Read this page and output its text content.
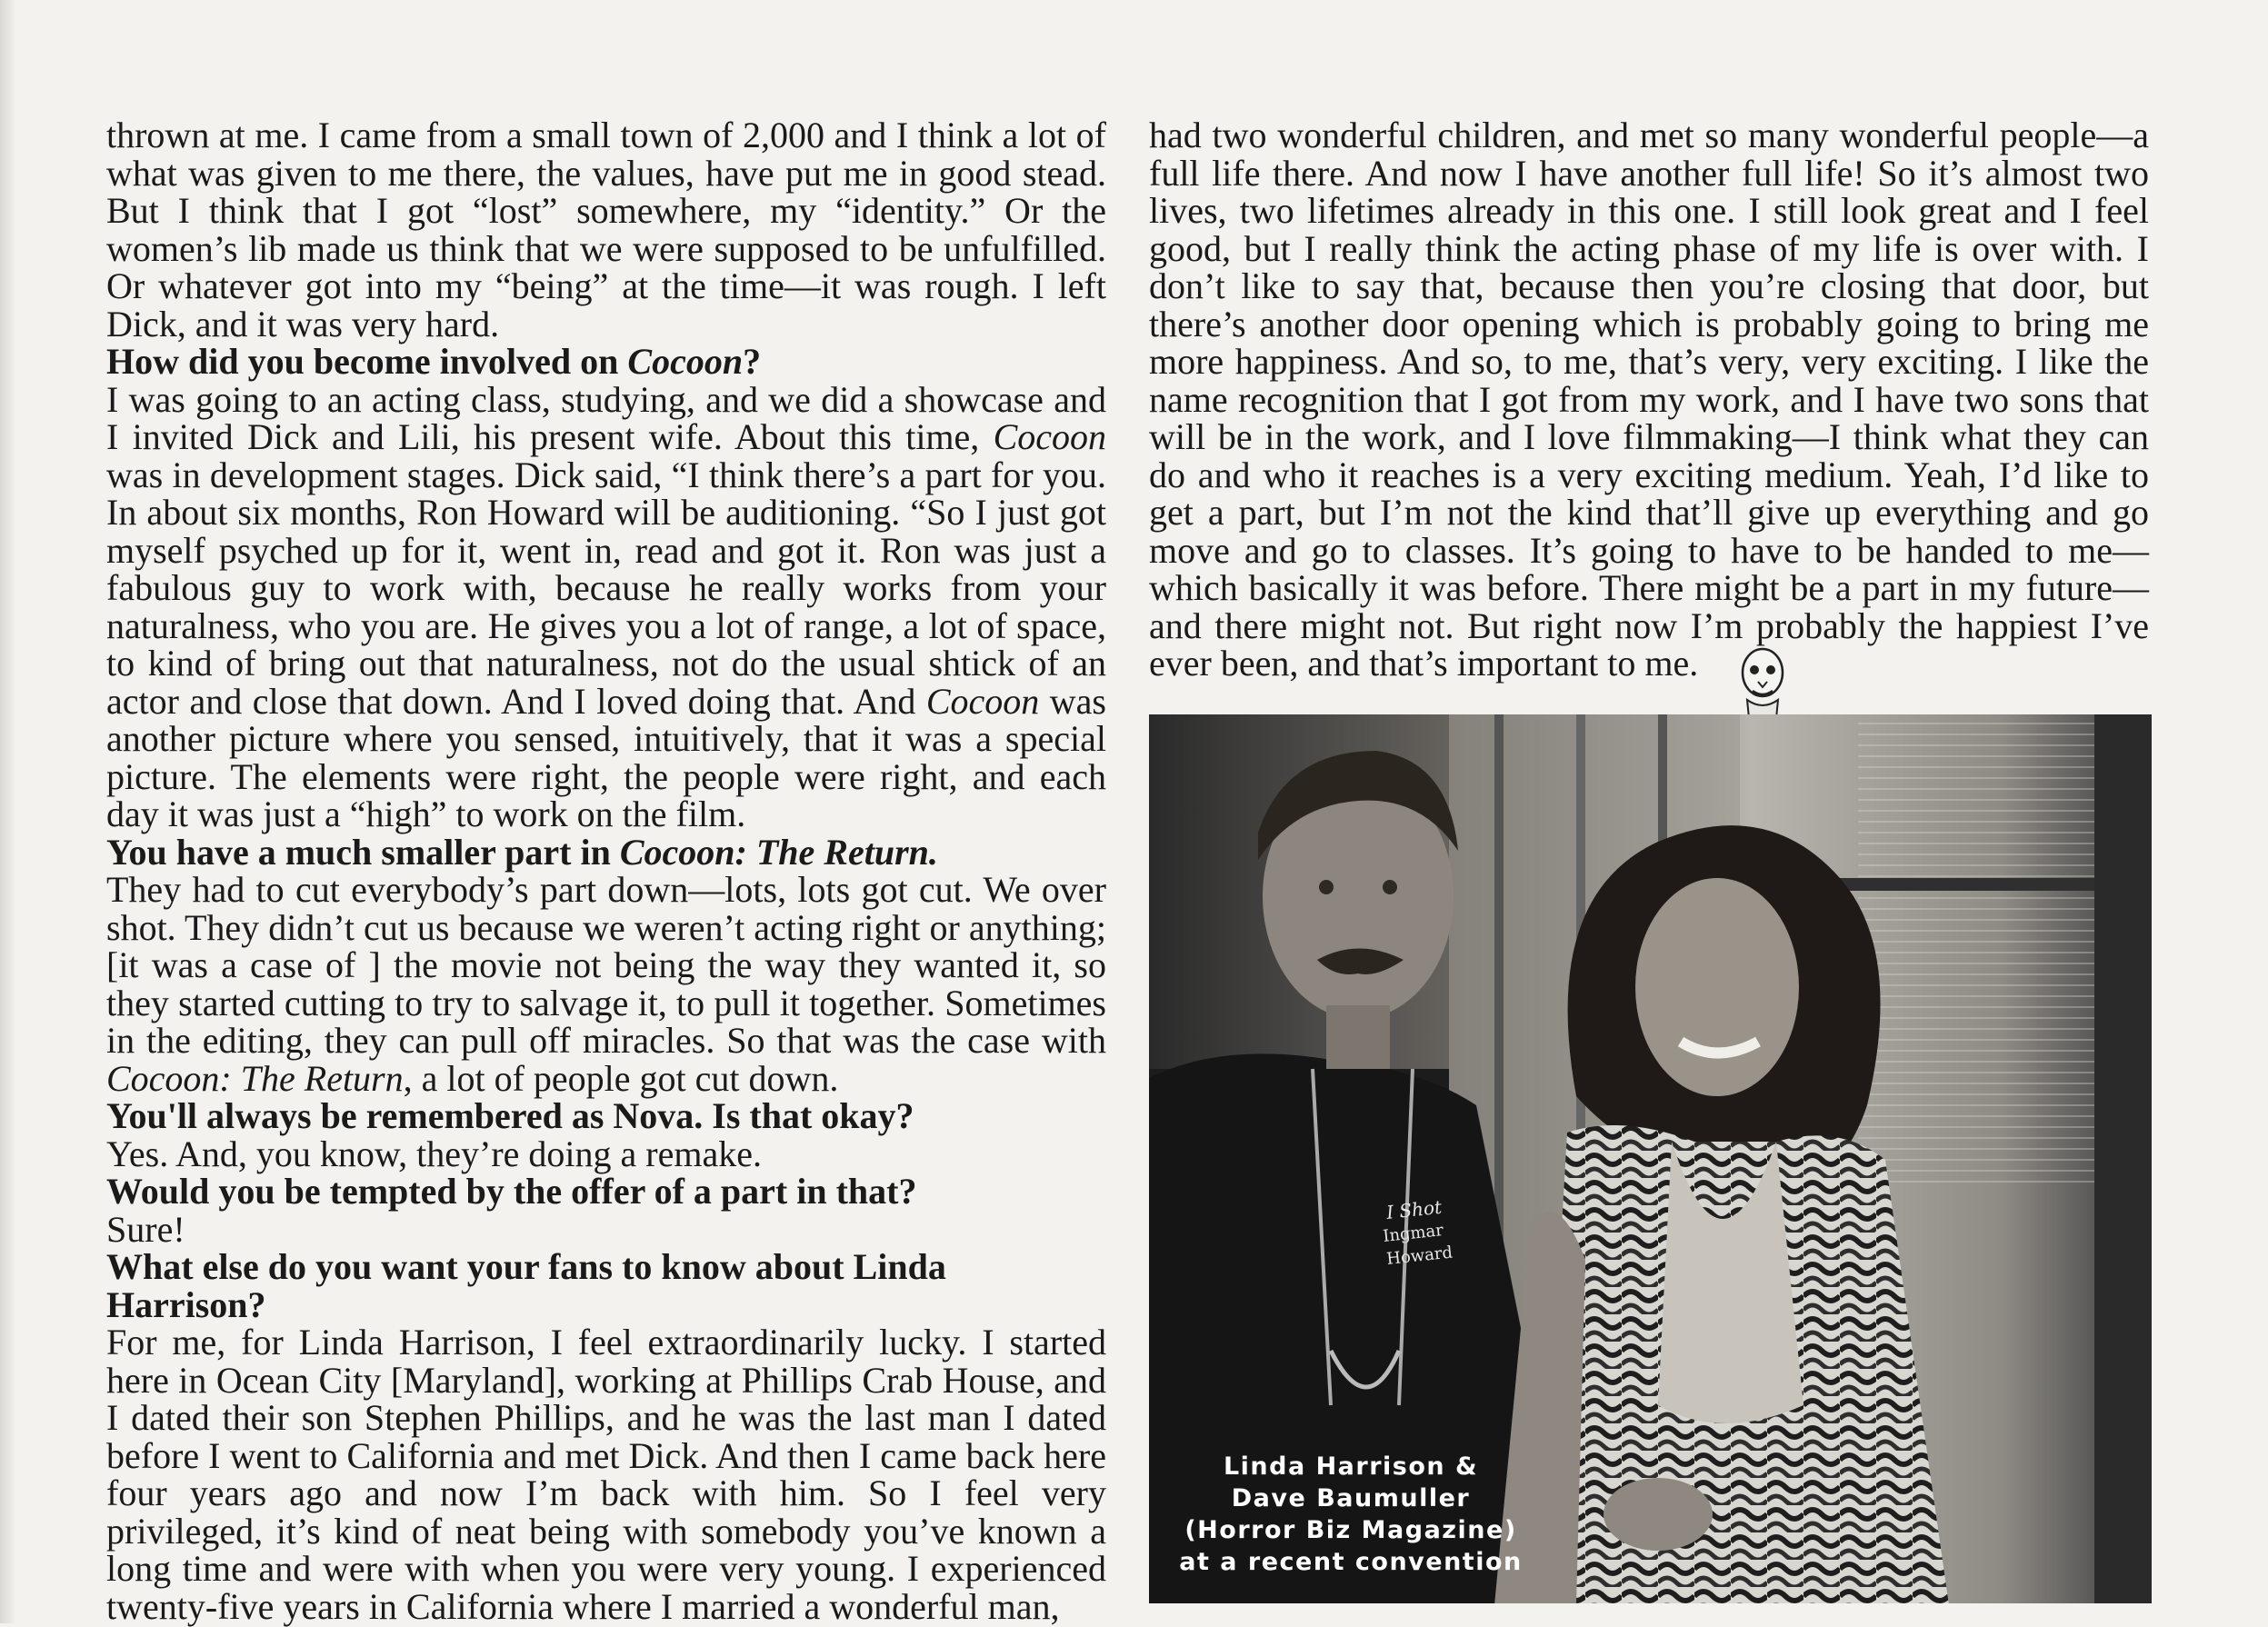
thrown at me. I came from a small town of 2,000 and I think a lot of what was given to me there, the values, have put me in good stead. But I think that I got “lost” somewhere, my “identity.” Or the women’s lib made us think that we were supposed to be unfulfilled. Or whatever got into my “being” at the time—it was rough. I left Dick, and it was very hard.

How did you become involved on Cocoon?

I was going to an acting class, studying, and we did a showcase and I invited Dick and Lili, his present wife. About this time, Cocoon was in development stages. Dick said, “I think there’s a part for you. In about six months, Ron Howard will be auditioning. “So I just got myself psyched up for it, went in, read and got it. Ron was just a fabulous guy to work with, because he really works from your naturalness, who you are. He gives you a lot of range, a lot of space, to kind of bring out that naturalness, not do the usual shtick of an actor and close that down. And I loved doing that. And Cocoon was another picture where you sensed, intuitively, that it was a special picture. The elements were right, the people were right, and each day it was just a “high” to work on the film.

You have a much smaller part in Cocoon: The Return.

They had to cut everybody’s part down—lots, lots got cut. We over shot. They didn’t cut us because we weren’t acting right or anything; [it was a case of ] the movie not being the way they wanted it, so they started cutting to try to salvage it, to pull it together. Sometimes in the editing, they can pull off miracles. So that was the case with Cocoon: The Return, a lot of people got cut down.

You'll always be remembered as Nova. Is that okay?

Yes. And, you know, they’re doing a remake.

Would you be tempted by the offer of a part in that?

Sure!

What else do you want your fans to know about Linda Harrison?

For me, for Linda Harrison, I feel extraordinarily lucky. I started here in Ocean City [Maryland], working at Phillips Crab House, and I dated their son Stephen Phillips, and he was the last man I dated before I went to California and met Dick. And then I came back here four years ago and now I’m back with him. So I feel very privileged, it’s kind of neat being with somebody you’ve known a long time and were with when you were very young. I experienced twenty-five years in California where I married a wonderful man,

had two wonderful children, and met so many wonderful people—a full life there. And now I have another full life! So it’s almost two lives, two lifetimes already in this one. I still look great and I feel good, but I really think the acting phase of my life is over with. I don’t like to say that, because then you’re closing that door, but there’s another door opening which is probably going to bring me more happiness. And so, to me, that’s very, very exciting. I like the name recognition that I got from my work, and I have two sons that will be in the work, and I love filmmaking—I think what they can do and who it reaches is a very exciting medium. Yeah, I’d like to get a part, but I’m not the kind that’ll give up everything and go move and go to classes. It’s going to have to be handed to me—which basically it was before. There might be a part in my future—and there might not. But right now I’m probably the happiest I’ve ever been, and that’s important to me.

I Shot
Ingmar
Howard
Linda Harrison &
Dave Baumuller
(Horror Biz Magazine)
at a recent convention
